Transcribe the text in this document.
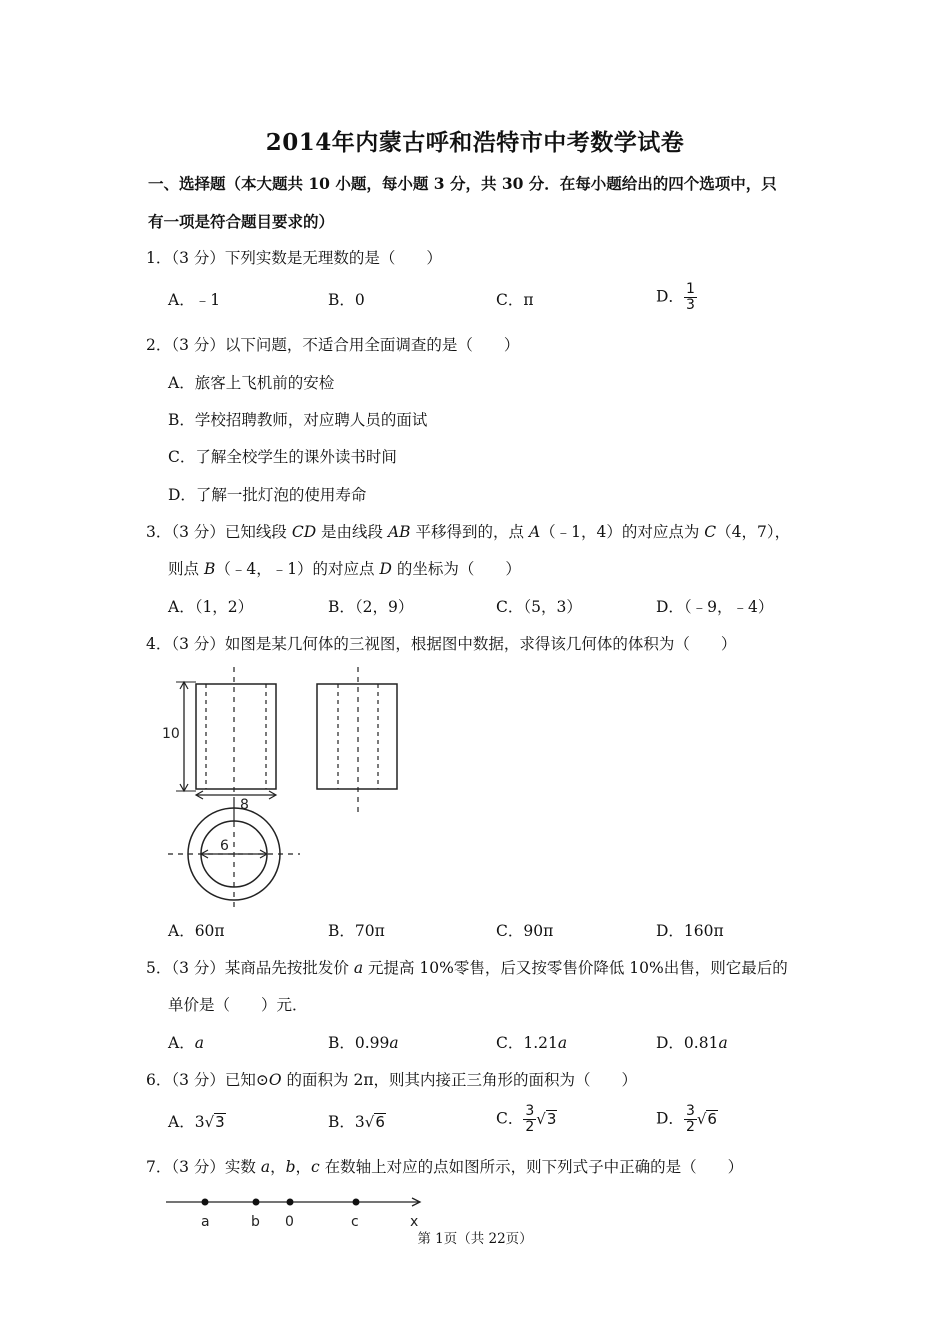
2014年内蒙古呼和浩特市中考数学试卷
一、选择题（本大题共 10 小题，每小题 3 分，共 30 分．在每小题给出的四个选项中，只
有一项是符合题目要求的）
1．（3 分）下列实数是无理数的是（　　）
A．﹣1	B．0	C．π	D． $\frac{1}{3}$
2．（3 分）以下问题，不适合用全面调查的是（　　）
A．旅客上飞机前的安检
B．学校招聘教师，对应聘人员的面试
C．了解全校学生的课外读书时间
D．了解一批灯泡的使用寿命
3．（3 分）已知线段 CD 是由线段 AB 平移得到的，点 A（﹣1，4）的对应点为 C（4，7），
则点 B（﹣4，﹣1）的对应点 D 的坐标为（　　）
A．（1，2）	B．（2，9）	C．（5，3）	D．（﹣9，﹣4）
4．（3 分）如图是某几何体的三视图，根据图中数据，求得该几何体的体积为（　　）
10
8
6
A．60π	B．70π	C．90π	D．160π
5．（3 分）某商品先按批发价 a 元提高 10%零售，后又按零售价降低 10%出售，则它最后的
单价是（　　）元．
A．a	B．0.99a	C．1.21a	D．0.81a
6．（3 分）已知⊙O 的面积为 2π，则其内接正三角形的面积为（　　）
A．3√3	B．3√6	C． $\frac{3}{2} √3$	D． $\frac{3}{2} √6$
7．（3 分）实数 a，b，c 在数轴上对应的点如图所示，则下列式子中正确的是（　　）
a	b 0	c	x
第 1页（共 22页）
